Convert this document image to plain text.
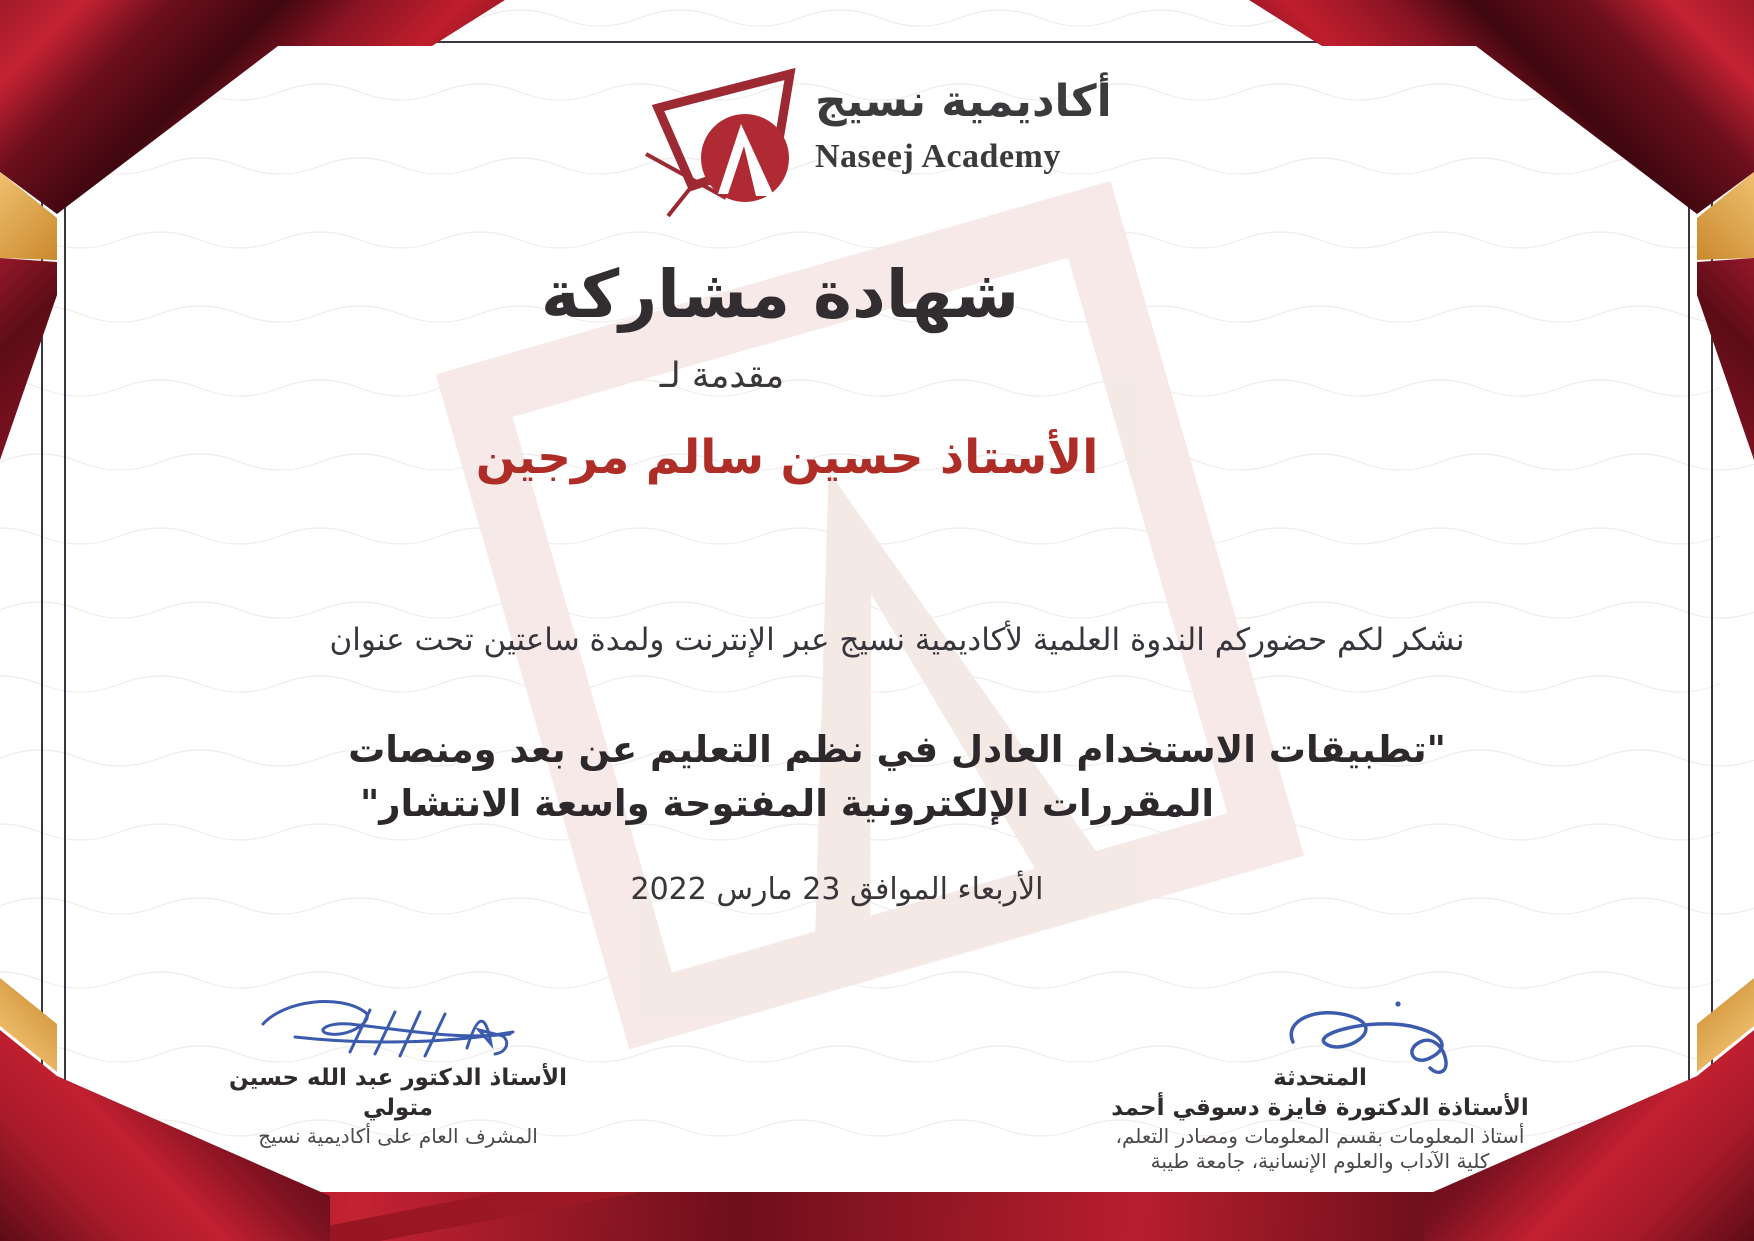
أكاديمية نسيج
Naseej Academy
شهادة مشاركة
مقدمة لـ
الأستاذ حسين سالم مرجين
نشكر لكم حضوركم الندوة العلمية لأكاديمية نسيج عبر الإنترنت ولمدة ساعتين تحت عنوان
"تطبيقات الاستخدام العادل في نظم التعليم عن بعد ومنصات
المقررات الإلكترونية المفتوحة واسعة الانتشار"
الأربعاء الموافق 23 مارس 2022
الأستاذ الدكتور عبد الله حسين متولي
المشرف العام على أكاديمية نسيج
المتحدثة
الأستاذة الدكتورة فايزة دسوقي أحمد
أستاذ المعلومات بقسم المعلومات ومصادر التعلم،
كلية الآداب والعلوم الإنسانية، جامعة طيبة
